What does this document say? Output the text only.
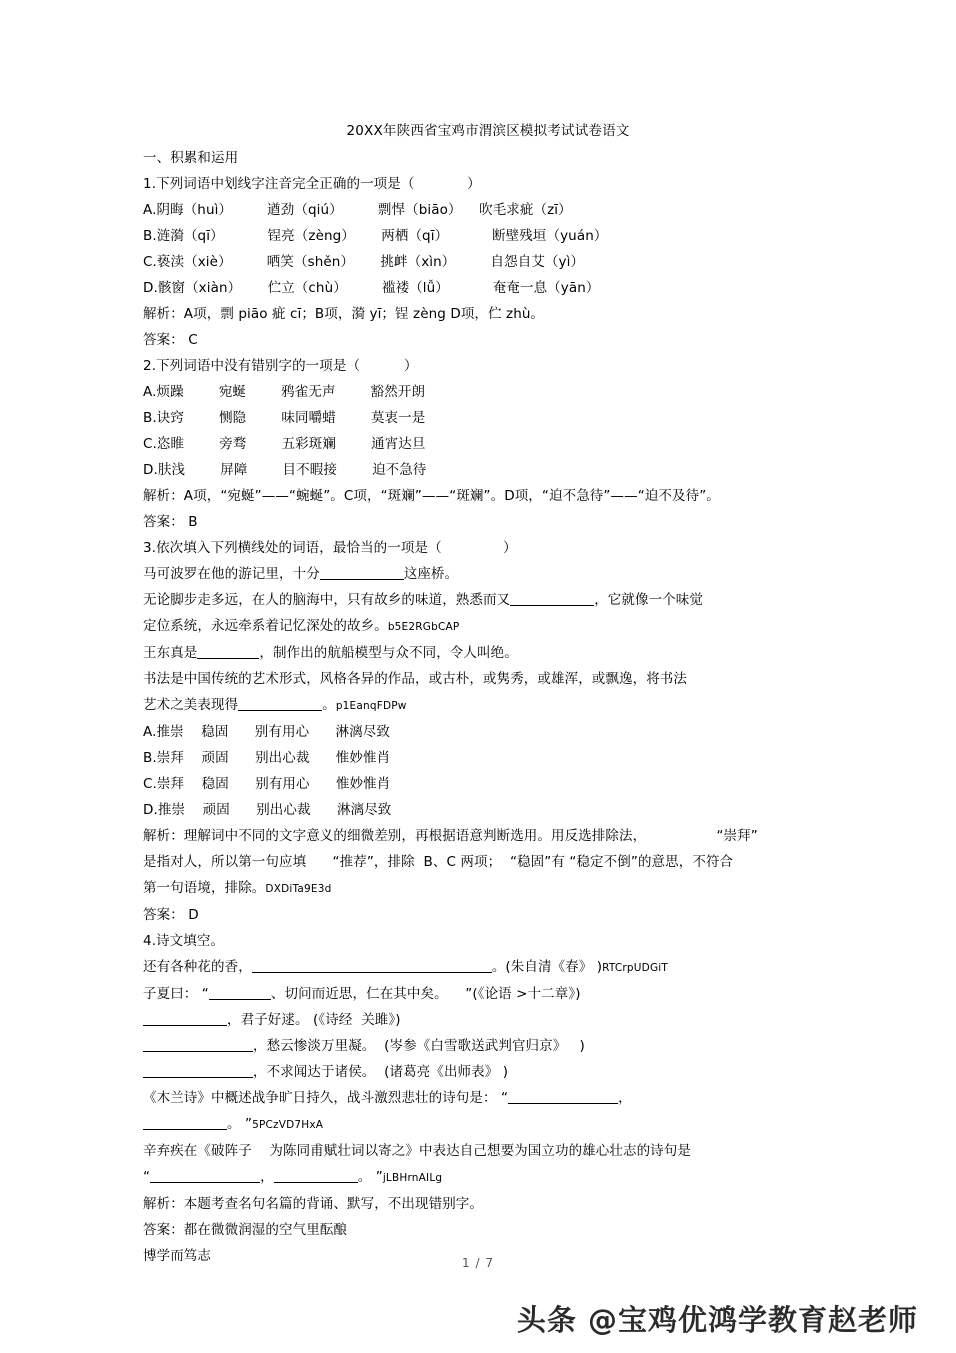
20XX年陕西省宝鸡市渭滨区模拟考试试卷语文
一、积累和运用
1.下列词语中划线字注音完全正确的一项是（            ）
A.阴晦（huì）        遒劲（qiú）        剽悍（biāo）    吹毛求疵（zī）
B.涟漪（qī）          锃亮（zèng）      两栖（qī）          断壁残垣（yuán）
C.亵渎（xiè）        哂笑（shěn）      挑衅（xìn）        自怨自艾（yì）
D.骸窗（xiàn）      伫立（chù）        褴褛（lǚ）          奄奄一息（yān）
解析：A项，剽 piāo 疵 cī；B项，漪 yī；锃 zèng D项，伫 zhù。
答案： C
2.下列词语中没有错别字的一项是（          ）
A.烦躁        宛蜒        鸦雀无声        豁然开朗
B.诀窍        恻隐        味同嚼蜡        莫衷一是
C.恣睢        旁骛        五彩斑斓        通宵达旦
D.肤浅        屏障        目不暇接        迫不急待
解析：A项，“宛蜒”——“蜿蜒”。C项，“斑斓”——“斑斓”。D项，“迫不急待”——“迫不及待”。
答案： B
3.依次填入下列横线处的词语，最恰当的一项是（              ）
马可波罗在他的游记里，十分	这座桥。
无论脚步走多远，在人的脑海中，只有故乡的味道，熟悉而又	，它就像一个味觉
定位系统，永远牵系着记忆深处的故乡。b5E2RGbCAP
王东真是	，制作出的航船模型与众不同，令人叫绝。
书法是中国传统的艺术形式，风格各异的作品，或古朴，或隽秀，或雄浑，或飘逸，将书法
艺术之美表现得	。p1EanqFDPw
A.推崇    稳固      别有用心      淋漓尽致
B.崇拜    顽固      别出心裁      惟妙惟肖
C.崇拜    稳固      别有用心      惟妙惟肖
D.推崇    顽固      别出心裁      淋漓尽致
解析：理解词中不同的文字意义的细微差别，再根据语意判断选用。用反选排除法，                “崇拜”
是指对人，所以第一句应填      “推荐”，排除  B、C 两项；  “稳固”有 “稳定不倒”的意思，不符合
第一句语境，排除。DXDiTa9E3d
答案： D
4.诗文填空。
还有各种花的香，	。(朱自清《春》 )RTCrpUDGiT
子夏曰： “	、切问而近思，仁在其中矣。    ”(《论语 >十二章》)
，君子好逑。 (《诗经  关雎》)
，愁云惨淡万里凝。  (岑参《白雪歌送武判官归京》   )
，不求闻达于诸侯。  (诸葛亮《出师表》 )
《木兰诗》中概述战争旷日持久，战斗激烈悲壮的诗句是： “	，
。 ”5PCzVD7HxA
辛弃疾在《破阵子    为陈同甫赋壮词以寄之》中表达自己想要为国立功的雄心壮志的诗句是
“	，	。 ”jLBHrnAILg
解析：本题考查名句名篇的背诵、默写，不出现错别字。
答案：都在微微润湿的空气里酝酿
博学而笃志	1 / 7
头条 @宝鸡优鸿学教育赵老师
